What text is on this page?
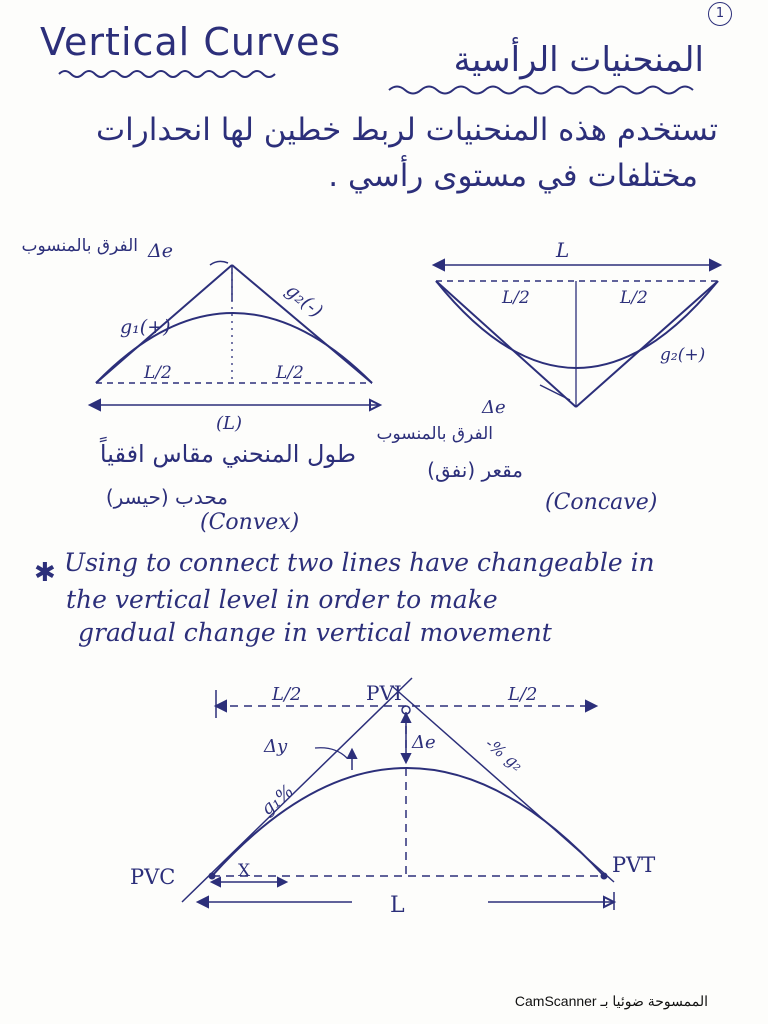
1
Vertical Curves	المنحنيات الرأسية
تستخدم هذه المنحنيات لربط خطين لها انحدارات
مختلفات في مستوى رأسي .
Δe
g₁(+)
g₂(-)
L/2	L/2
(L)
الفرق بالمنسوب
طول المنحني مقاس افقياً
محدب (حيسر)
(Convex)
L
L/2	L/2
g₂(+)
Δe
الفرق بالمنسوب
مقعر (نفق)
(Concave)
✱ Using to connect two lines have changeable in
the vertical level in order to make
gradual change in vertical movement
L/2	L/2
PVI
Δy	Δe
g₁%
-% g₂
PVC	PVT
X
L
CamScanner الممسوحة ضوئيا بـ
